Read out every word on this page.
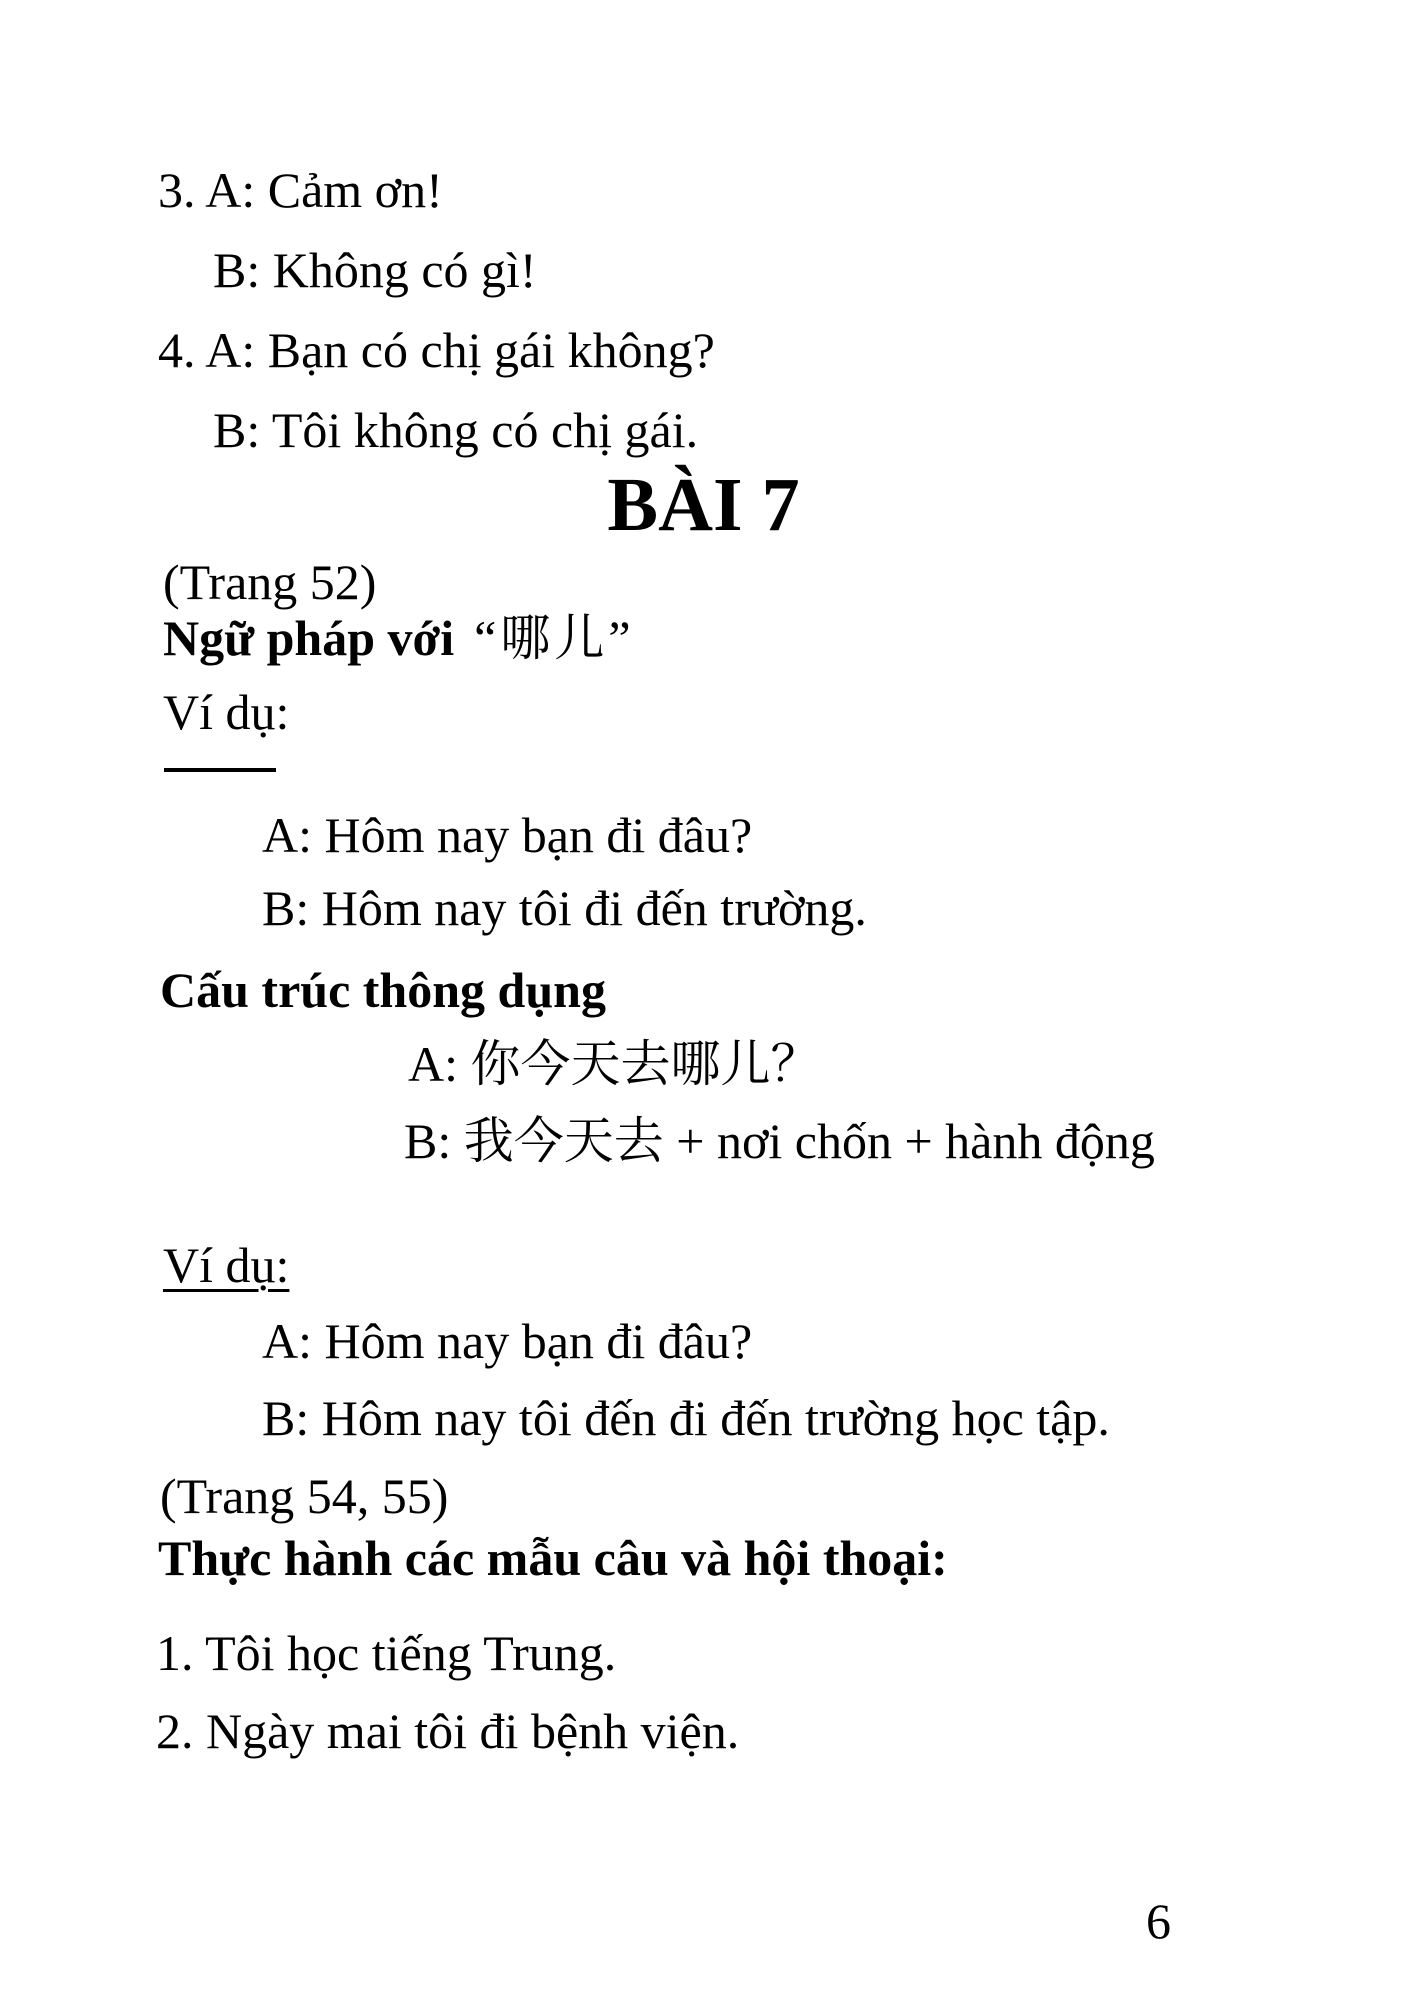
3. A: Cảm ơn!
B: Không có gì!
4. A: Bạn có chị gái không?
B: Tôi không có chị gái.
BÀI 7
(Trang 52)
Ngữ pháp với “哪儿”
Ví dụ:
A: Hôm nay bạn đi đâu?
B: Hôm nay tôi đi đến trường.
Cấu trúc thông dụng
A: 你今天去哪儿？
B: 我今天去 + nơi chốn + hành động
Ví dụ:
A: Hôm nay bạn đi đâu?
B: Hôm nay tôi đến đi đến trường học tập.
(Trang 54, 55)
Thực hành các mẫu câu và hội thoại:
1. Tôi học tiếng Trung.
2. Ngày mai tôi đi bệnh viện.
6
